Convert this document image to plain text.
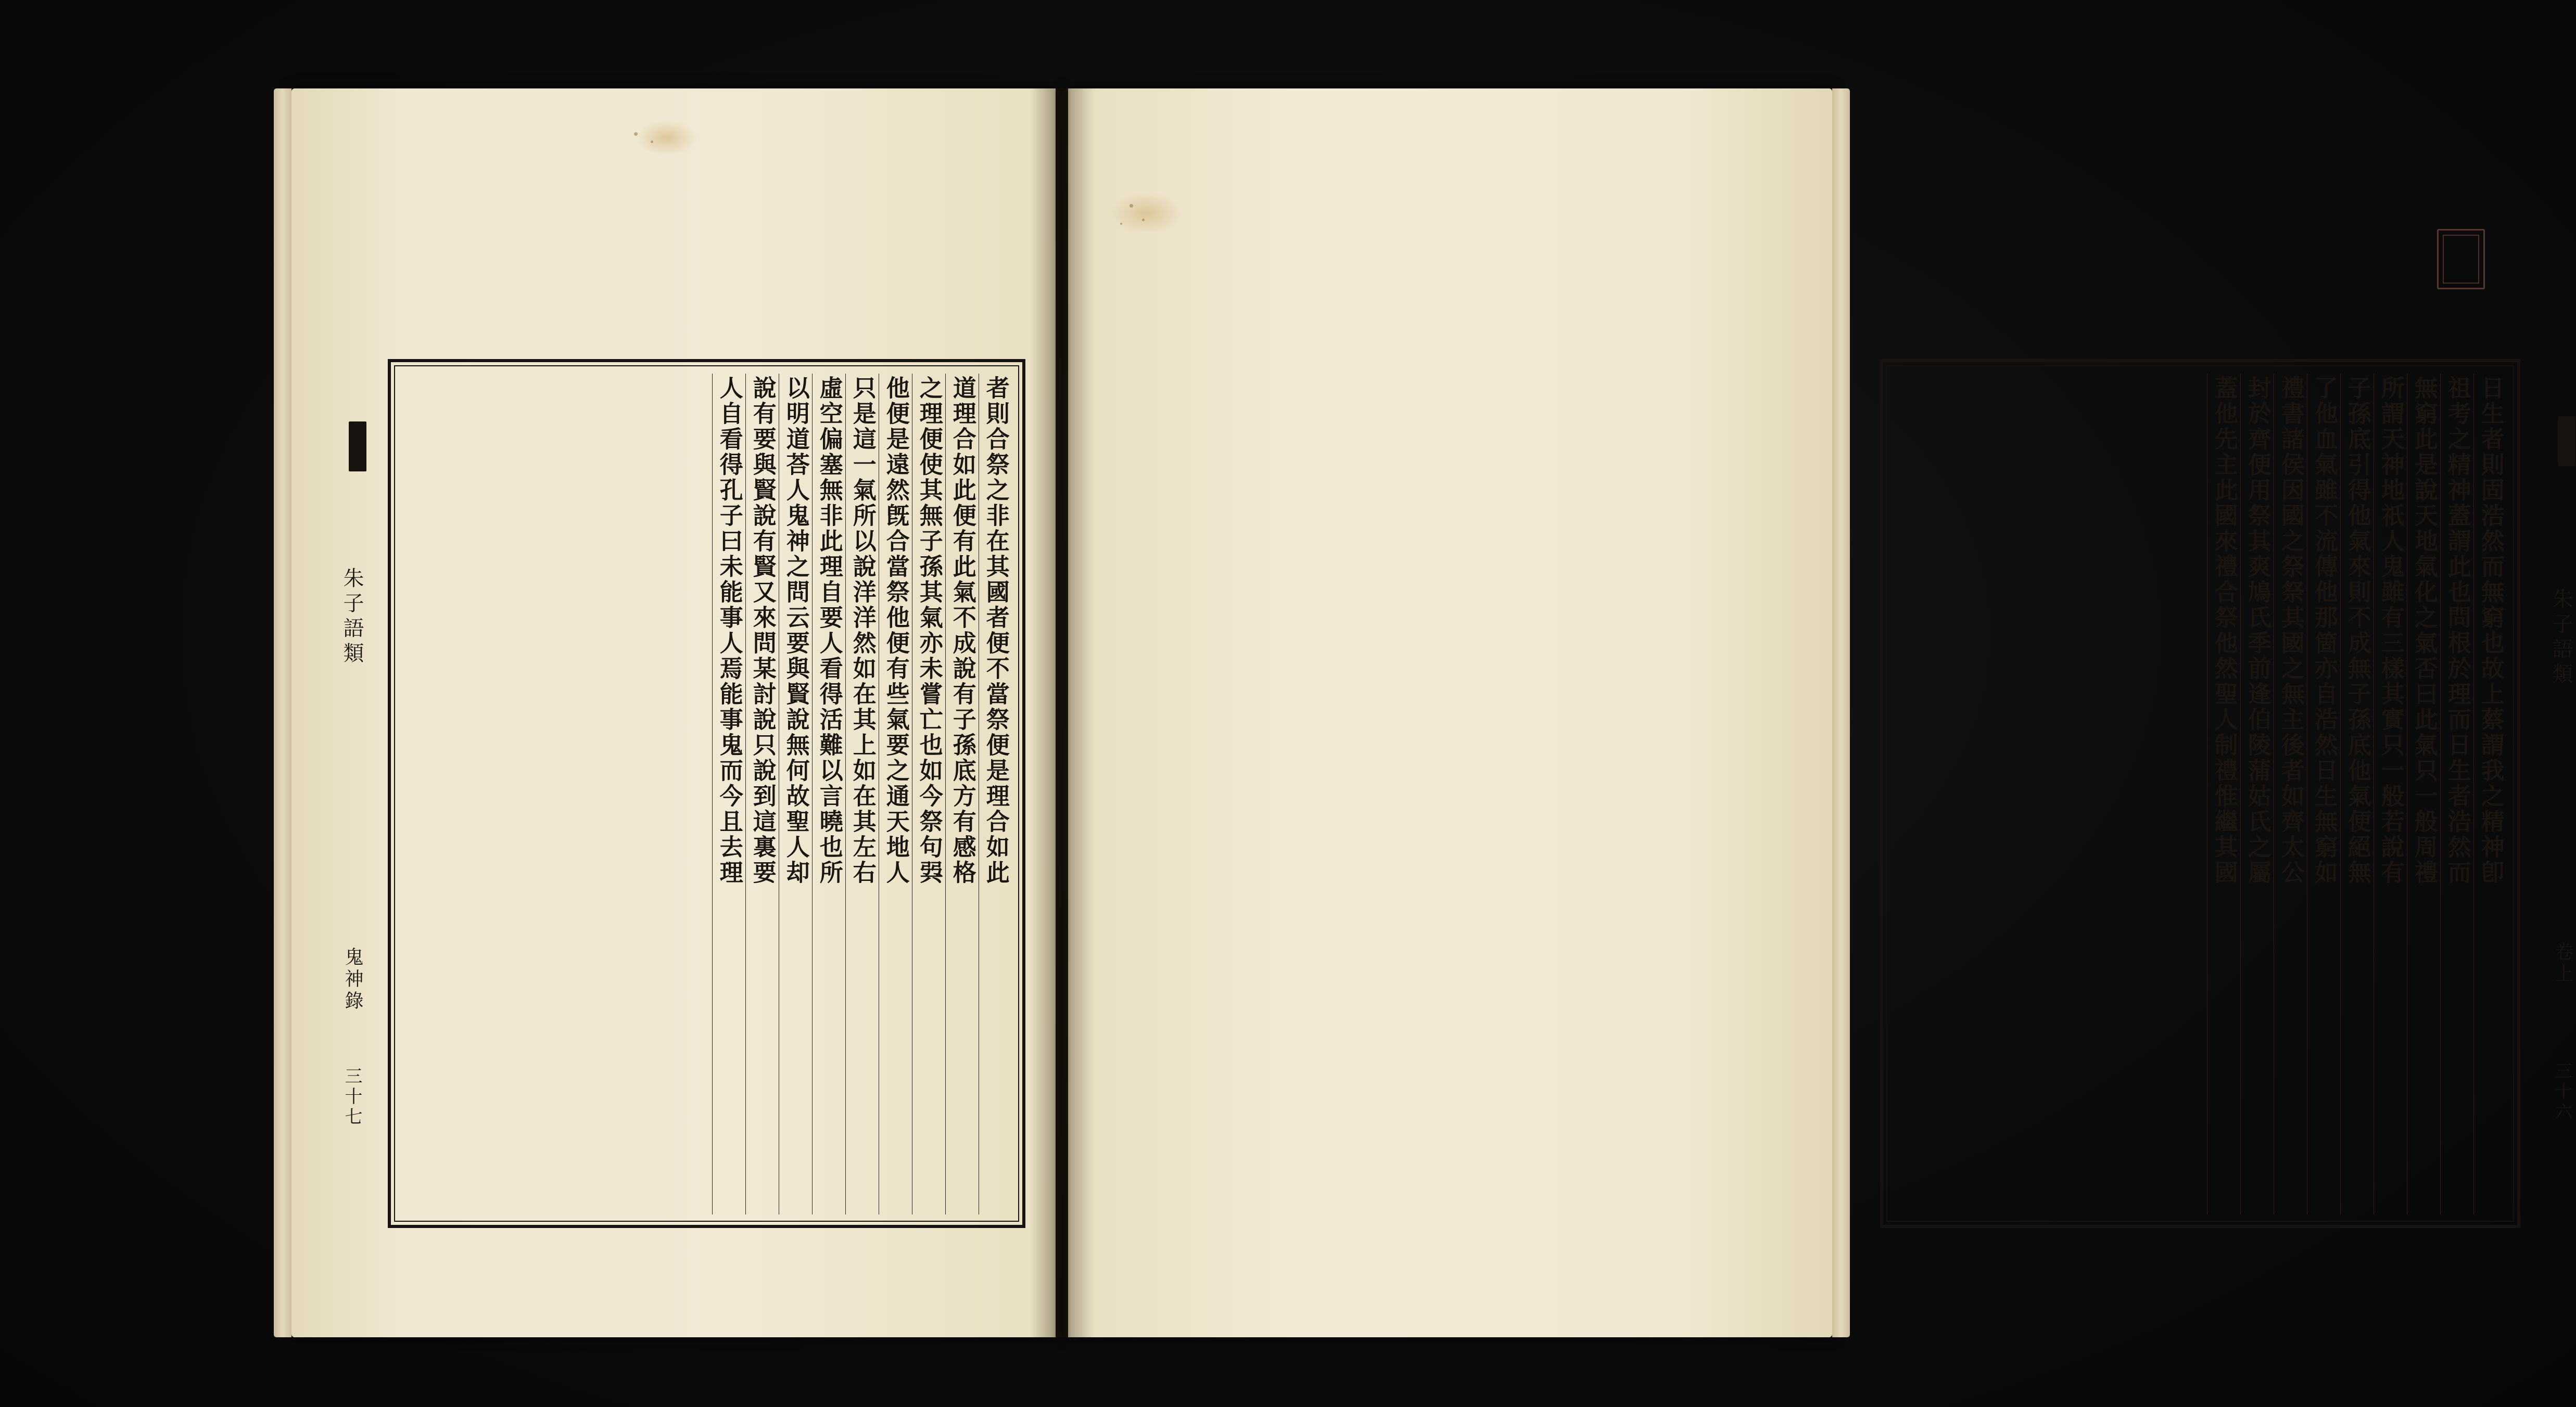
朱子語類
鬼神錄
三十七
者則合祭之非在其國者便不當祭便是理合如此
道理合如此便有此氣不成說有子孫底方有感格
之理便使其無子孫其氣亦未嘗亡也如今祭句㢲
他便是遠然旣合當祭他便有些氣要之通天地人
只是這一氣所以說洋洋然如在其上如在其左右
虛空偏塞無非此理自要人看得活難以言曉也所
以明道荅人鬼神之問云要與賢說無何故聖人却
說有要與賢說有賢又來問某討說只說到這裏要
人自看得孔子曰未能事人焉能事鬼而今且去理	朱子語類
卷上
三十六
日生者則固浩然而無窮也故上蔡謂我之精神卽
祖考之精神蓋謂此也問根於理而日生者浩然而
無窮此是說天地氣化之氣否曰此氣只一般周禮
所謂天神地祇人鬼雖有三樣其實只一般若說有
子孫底引得他氣來則不成無子孫底他氣便絕無
了他血氣雖不流傳他那箇亦自浩然日生無窮如
禮書諸侯因國之祭祭其國之無主後者如齊太公
封於齊便用祭其爽鳩氏季前逢伯陵蒲姑氏之屬
蓋他先主此國來禮合祭他然聖人制禮惟繼其國
